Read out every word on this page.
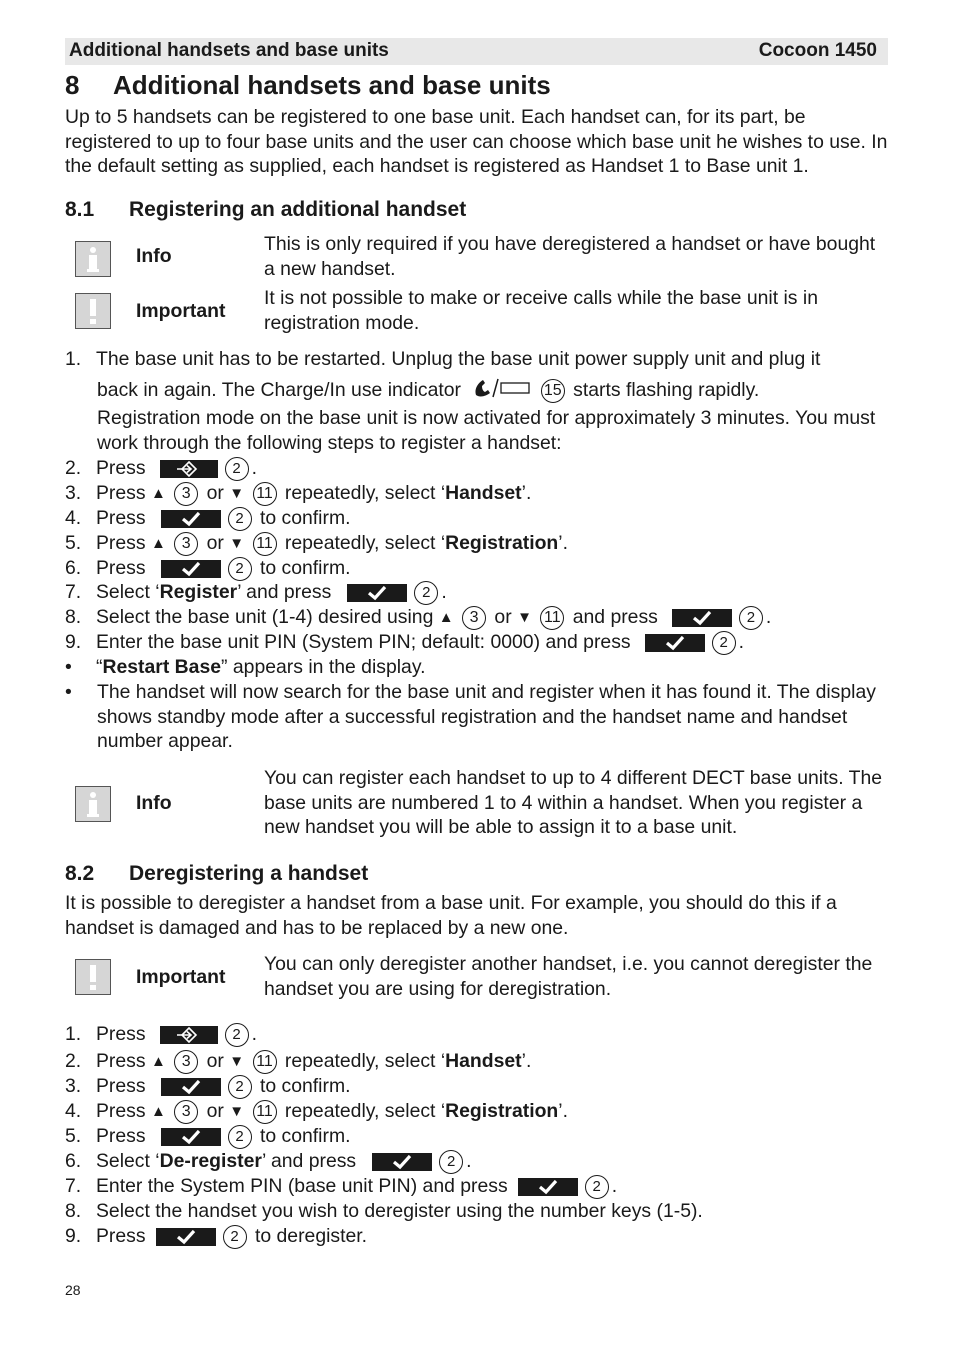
Additional handsets and base units	Cocoon 1450
8 Additional handsets and base units
Up to 5 handsets can be registered to one base unit. Each handset can, for its part, be registered to up to four base units and the user can choose which base unit he wishes to use. In the default setting as supplied, each handset is registered as Handset 1 to Base unit 1.
8.1 Registering an additional handset
Info
This is only required if you have deregistered a handset or have bought a new handset.
Important
It is not possible to make or receive calls while the base unit is in registration mode.
1. The base unit has to be restarted. Unplug the base unit power supply unit and plug it
back in again. The Charge/In use indicator	15 starts flashing rapidly.
Registration mode on the base unit is now activated for approximately 3 minutes. You must work through the following steps to register a handset:
2. Press	2 .
3. Press ▲ 3 or ▼ 11 repeatedly, select ‘Handset’.
4. Press	2 to confirm.
5. Press ▲ 3 or ▼ 11 repeatedly, select ‘Registration’.
6. Press	2 to confirm.
7. Select ‘Register’ and press	2 .
8. Select the base unit (1-4) desired using ▲ 3 or ▼ 11 and press	2 .
9. Enter the base unit PIN (System PIN; default: 0000) and press	2 .
• “Restart Base” appears in the display.
• The handset will now search for the base unit and register when it has found it. The display shows standby mode after a successful registration and the handset name and handset number appear.
Info
You can register each handset to up to 4 different DECT base units. The base units are numbered 1 to 4 within a handset. When you register a new handset you will be able to assign it to a base unit.
8.2 Deregistering a handset
It is possible to deregister a handset from a base unit. For example, you should do this if a handset is damaged and has to be replaced by a new one.
Important
You can only deregister another handset, i.e. you cannot deregister the handset you are using for deregistration.
1. Press	2 .
2. Press ▲ 3 or ▼ 11 repeatedly, select ‘Handset’.
3. Press	2 to confirm.
4. Press ▲ 3 or ▼ 11 repeatedly, select ‘Registration’.
5. Press	2 to confirm.
6. Select ‘De-register’ and press	2 .
7. Enter the System PIN (base unit PIN) and press	2 .
8. Select the handset you wish to deregister using the number keys (1-5).
9. Press	2 to deregister.
28
